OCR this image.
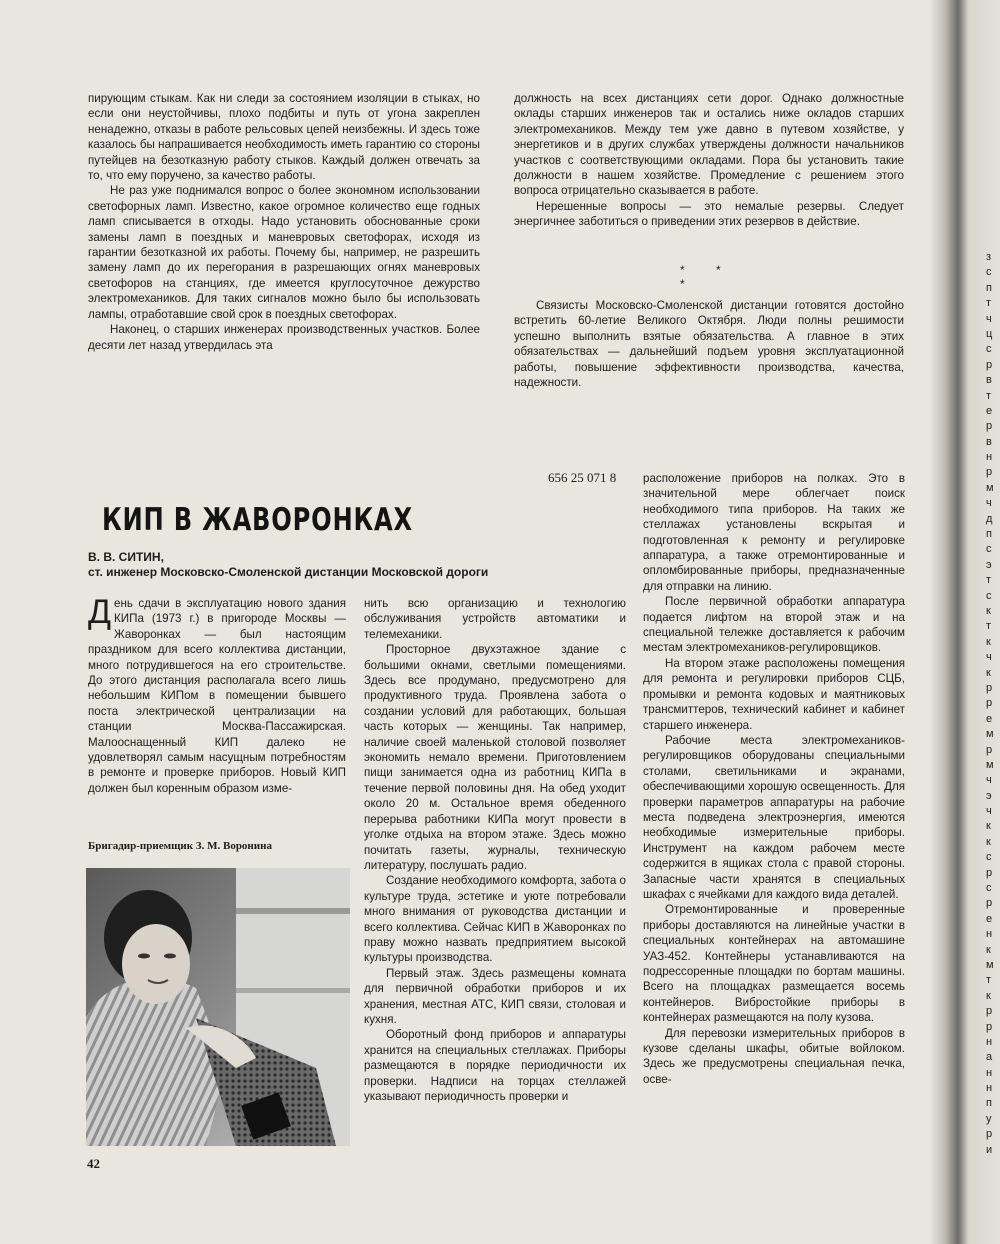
пирующим стыкам. Как ни следи за состоянием изоляции в стыках, но если они неустойчивы, плохо подбиты и путь от угона закреплен ненадежно, отказы в работе рельсовых цепей неизбежны. И здесь тоже казалось бы напрашивается необходимость иметь гарантию со стороны путейцев на безотказную работу стыков. Каждый должен отвечать за то, что ему поручено, за качество работы.

Не раз уже поднимался вопрос о более экономном использовании светофорных ламп. Известно, какое огромное количество еще годных ламп списывается в отходы. Надо установить обоснованные сроки замены ламп в поездных и маневровых светофорах, исходя из гарантии безотказной их работы. Почему бы, например, не разрешить замену ламп до их перегорания в разрешающих огнях маневровых светофоров на станциях, где имеется круглосуточное дежурство электромехаников. Для таких сигналов можно было бы использовать лампы, отработавшие свой срок в поездных светофорах.

Наконец, о старших инженерах производственных участков. Более десяти лет назад утвердилась эта

должность на всех дистанциях сети дорог. Однако должностные оклады старших инженеров так и остались ниже окладов старших электромехаников. Между тем уже давно в путевом хозяйстве, у энергетиков и в других службах утверждены должности начальников участков с соответствующими окладами. Пора бы установить такие должности в нашем хозяйстве. Промедление с решением этого вопроса отрицательно сказывается в работе.

Нерешенные вопросы — это немалые резервы. Следует энергичнее заботиться о приведении этих резервов в действие.

* * *

Связисты Московско-Смоленской дистанции готовятся достойно встретить 60-летие Великого Октября. Люди полны решимости успешно выполнить взятые обязательства. А главное в этих обязательствах — дальнейший подъем уровня эксплуатационной работы, повышение эффективности производства, качества, надежности.

656 25 071 8
КИП В ЖАВОРОНКАХ
В. В. СИТИН,
ст. инженер Московско-Смоленской дистанции Московской дороги

День сдачи в эксплуатацию нового здания КИПа (1973 г.) в пригороде Москвы — Жаворонках — был настоящим праздником для всего коллектива дистанции, много потрудившегося на его строительстве. До этого дистанция располагала всего лишь небольшим КИПом в помещении бывшего поста электрической централизации на станции Москва-Пассажирская. Малооснащенный КИП далеко не удовлетворял самым насущным потребностям в ремонте и проверке приборов. Новый КИП должен был коренным образом изме-

Бригадир-приемщик З. М. Воронина

нить всю организацию и технологию обслуживания устройств автоматики и телемеханики.

Просторное двухэтажное здание с большими окнами, светлыми помещениями. Здесь все продумано, предусмотрено для продуктивного труда. Проявлена забота о создании условий для работающих, большая часть которых — женщины. Так например, наличие своей маленькой столовой позволяет экономить немало времени. Приготовлением пищи занимается одна из работниц КИПа в течение первой половины дня. На обед уходит около 20 м. Остальное время обеденного перерыва работники КИПа могут провести в уголке отдыха на втором этаже. Здесь можно почитать газеты, журналы, техническую литературу, послушать радио.

Создание необходимого комфорта, забота о культуре труда, эстетике и уюте потребовали много внимания от руководства дистанции и всего коллектива. Сейчас КИП в Жаворонках по праву можно назвать предприятием высокой культуры производства.

Первый этаж. Здесь размещены комната для первичной обработки приборов и их хранения, местная АТС, КИП связи, столовая и кухня.

Оборотный фонд приборов и аппаратуры хранится на специальных стеллажах. Приборы размещаются в порядке периодичности их проверки. Надписи на торцах стеллажей указывают периодичность проверки и

расположение приборов на полках. Это в значительной мере облегчает поиск необходимого типа приборов. На таких же стеллажах установлены вскрытая и подготовленная к ремонту и регулировке аппаратура, а также отремонтированные и опломбированные приборы, предназначенные для отправки на линию.

После первичной обработки аппаратура подается лифтом на второй этаж и на специальной тележке доставляется к рабочим местам электромехаников-регулировщиков.

На втором этаже расположены помещения для ремонта и регулировки приборов СЦБ, промывки и ремонта кодовых и маятниковых трансмиттеров, технический кабинет и кабинет старшего инженера.

Рабочие места электромехаников-регулировщиков оборудованы специальными столами, светильниками и экранами, обеспечивающими хорошую освещенность. Для проверки параметров аппаратуры на рабочие места подведена электроэнергия, имеются необходимые измерительные приборы. Инструмент на каждом рабочем месте содержится в ящиках стола с правой стороны. Запасные части хранятся в специальных шкафах с ячейками для каждого вида деталей.

Отремонтированные и проверенные приборы доставляются на линейные участки в специальных контейнерах на автомашине УАЗ-452. Контейнеры устанавливаются на подрессоренные площадки по бортам машины. Всего на площадках размещается восемь контейнеров. Вибростойкие приборы в контейнерах размещаются на полу кузова.

Для перевозки измерительных приборов в кузове сделаны шкафы, обитые войлоком. Здесь же предусмотрены специальная печка, осве-

42
з
с
п
т
ч
ц
с
р
в
т
е
р
в
н
р
м
ч
д
п
с
э
т
с
к
т
к
ч
к
р
р
е
м
р
м
ч
э
ч
к
к
с
р
с
р
е
н
к
м
т
к
р
р
н
а
н
н
п
у
р
и
